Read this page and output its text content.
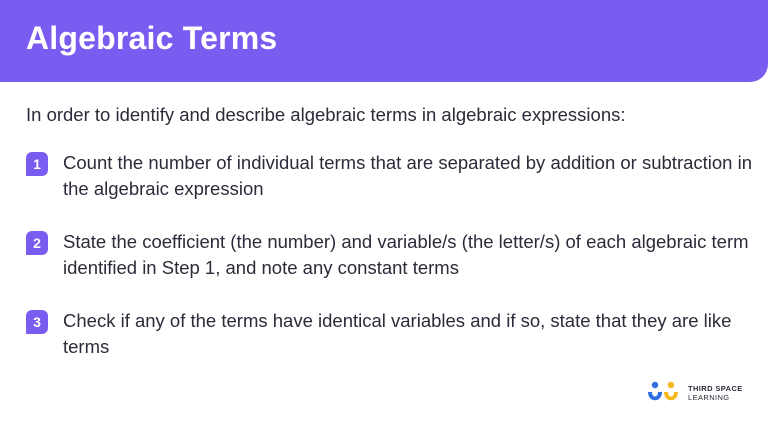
Algebraic Terms
In order to identify and describe algebraic terms in algebraic expressions:
1	Count the number of individual terms that are separated by addition or subtraction in the algebraic expression
2	State the coefficient (the number) and variable/s (the letter/s) of each algebraic term identified in Step 1, and note any constant terms
3	Check if any of the terms have identical variables and if so, state that they are like terms
THIRD SPACE
LEARNING
